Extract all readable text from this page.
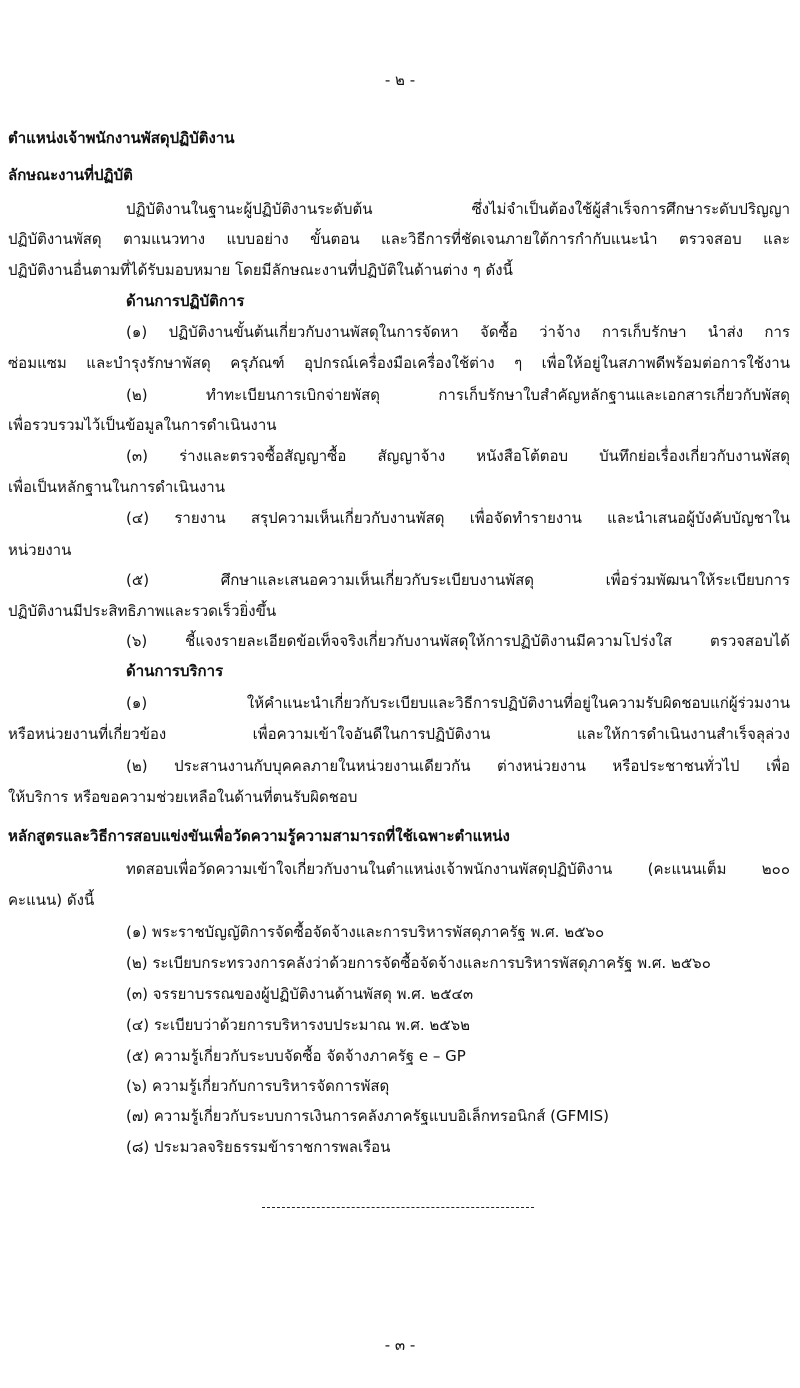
- ๒ -
ตำแหน่งเจ้าพนักงานพัสดุปฏิบัติงาน
ลักษณะงานที่ปฏิบัติ
ปฏิบัติงานในฐานะผู้ปฏิบัติงานระดับต้น ซึ่งไม่จำเป็นต้องใช้ผู้สำเร็จการศึกษาระดับปริญญา
ปฏิบัติงานพัสดุ ตามแนวทาง แบบอย่าง ขั้นตอน และวิธีการที่ชัดเจนภายใต้การกำกับแนะนำ ตรวจสอบ และ
ปฏิบัติงานอื่นตามที่ได้รับมอบหมาย โดยมีลักษณะงานที่ปฏิบัติในด้านต่าง ๆ ดังนี้
ด้านการปฏิบัติการ
(๑) ปฏิบัติงานขั้นต้นเกี่ยวกับงานพัสดุในการจัดหา จัดซื้อ ว่าจ้าง การเก็บรักษา นำส่ง การ
ซ่อมแซม และบำรุงรักษาพัสดุ ครุภัณฑ์ อุปกรณ์เครื่องมือเครื่องใช้ต่าง ๆ เพื่อให้อยู่ในสภาพดีพร้อมต่อการใช้งาน
(๒) ทำทะเบียนการเบิกจ่ายพัสดุ การเก็บรักษาใบสำคัญหลักฐานและเอกสารเกี่ยวกับพัสดุ
เพื่อรวบรวมไว้เป็นข้อมูลในการดำเนินงาน
(๓) ร่างและตรวจซื้อสัญญาซื้อ สัญญาจ้าง หนังสือโต้ตอบ บันทึกย่อเรื่องเกี่ยวกับงานพัสดุ
เพื่อเป็นหลักฐานในการดำเนินงาน
(๔) รายงาน สรุปความเห็นเกี่ยวกับงานพัสดุ เพื่อจัดทำรายงาน และนำเสนอผู้บังคับบัญชาใน
หน่วยงาน
(๕) ศึกษาและเสนอความเห็นเกี่ยวกับระเบียบงานพัสดุ เพื่อร่วมพัฒนาให้ระเบียบการ
ปฏิบัติงานมีประสิทธิภาพและรวดเร็วยิ่งขึ้น
(๖) ชี้แจงรายละเอียดข้อเท็จจริงเกี่ยวกับงานพัสดุให้การปฏิบัติงานมีความโปร่งใส ตรวจสอบได้
ด้านการบริการ
(๑) ให้คำแนะนำเกี่ยวกับระเบียบและวิธีการปฏิบัติงานที่อยู่ในความรับผิดชอบแก่ผู้ร่วมงาน
หรือหน่วยงานที่เกี่ยวข้อง เพื่อความเข้าใจอันดีในการปฏิบัติงาน และให้การดำเนินงานสำเร็จลุล่วง
(๒) ประสานงานกับบุคคลภายในหน่วยงานเดียวกัน ต่างหน่วยงาน หรือประชาชนทั่วไป เพื่อ
ให้บริการ หรือขอความช่วยเหลือในด้านที่ตนรับผิดชอบ
หลักสูตรและวิธีการสอบแข่งขันเพื่อวัดความรู้ความสามารถที่ใช้เฉพาะตำแหน่ง
ทดสอบเพื่อวัดความเข้าใจเกี่ยวกับงานในตำแหน่งเจ้าพนักงานพัสดุปฏิบัติงาน (คะแนนเต็ม ๒๐๐
คะแนน) ดังนี้
(๑) พระราชบัญญัติการจัดซื้อจัดจ้างและการบริหารพัสดุภาครัฐ พ.ศ. ๒๕๖๐
(๒) ระเบียบกระทรวงการคลังว่าด้วยการจัดซื้อจัดจ้างและการบริหารพัสดุภาครัฐ พ.ศ. ๒๕๖๐
(๓) จรรยาบรรณของผู้ปฏิบัติงานด้านพัสดุ พ.ศ. ๒๕๔๓
(๔) ระเบียบว่าด้วยการบริหารงบประมาณ พ.ศ. ๒๕๖๒
(๕) ความรู้เกี่ยวกับระบบจัดซื้อ จัดจ้างภาครัฐ e – GP
(๖) ความรู้เกี่ยวกับการบริหารจัดการพัสดุ
(๗) ความรู้เกี่ยวกับระบบการเงินการคลังภาครัฐแบบอิเล็กทรอนิกส์ (GFMIS)
(๘) ประมวลจริยธรรมข้าราชการพลเรือน
- ๓ -
